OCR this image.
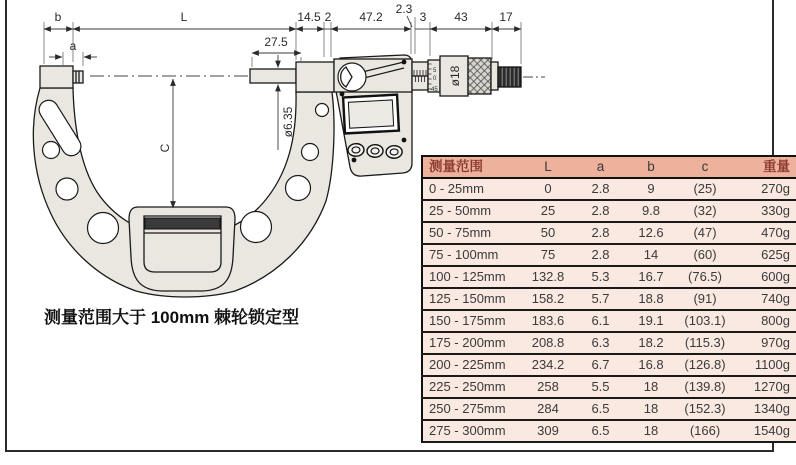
5
0
45
ø18
b	L	14.5 2 47.2
2.3
3 43	17
27.5
a
ø6.35
C
测量范围大于 100mm 棘轮锁定型
测量范围	L	a	b	c	重量
0 - 25mm	0	2.8	9	(25)	270g
25 - 50mm	25	2.8	9.8	(32)	330g
50 - 75mm	50	2.8	12.6	(47)	470g
75 - 100mm	75	2.8	14	(60)	625g
100 - 125mm	132.8	5.3	16.7	(76.5)	600g
125 - 150mm	158.2	5.7	18.8	(91)	740g
150 - 175mm	183.6	6.1	19.1	(103.1)	800g
175 - 200mm	208.8	6.3	18.2	(115.3)	970g
200 - 225mm	234.2	6.7	16.8	(126.8)	1100g
225 - 250mm	258	5.5	18	(139.8)	1270g
250 - 275mm	284	6.5	18	(152.3)	1340g
275 - 300mm	309	6.5	18	(166)	1540g
